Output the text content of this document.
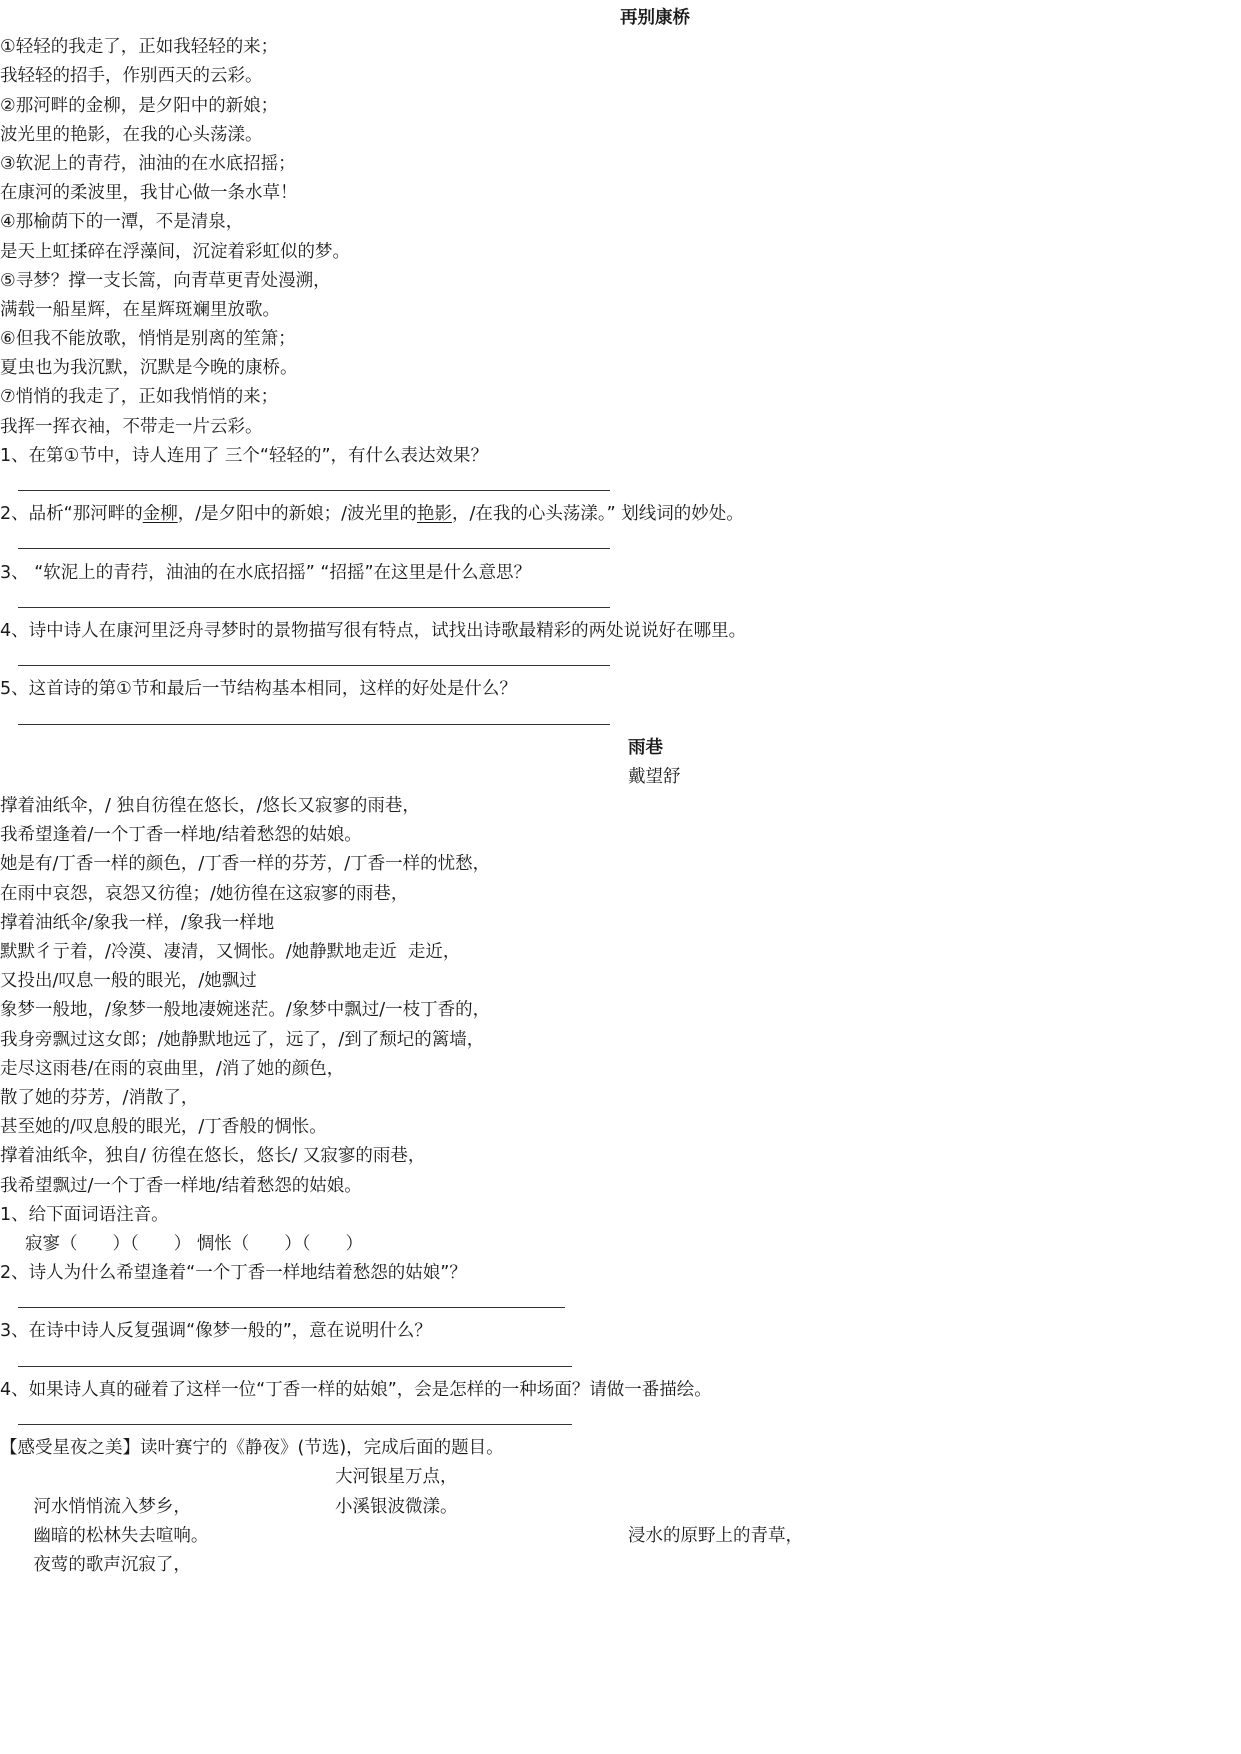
再别康桥
①轻轻的我走了，正如我轻轻的来；
我轻轻的招手，作别西天的云彩。
②那河畔的金柳，是夕阳中的新娘；
波光里的艳影，在我的心头荡漾。
③软泥上的青荇，油油的在水底招摇；
在康河的柔波里，我甘心做一条水草！
④那榆荫下的一潭，不是清泉，
是天上虹揉碎在浮藻间，沉淀着彩虹似的梦。
⑤寻梦？撑一支长篙，向青草更青处漫溯，
满载一船星辉，在星辉斑斓里放歌。
⑥但我不能放歌，悄悄是别离的笙箫；
夏虫也为我沉默，沉默是今晚的康桥。
⑦悄悄的我走了，正如我悄悄的来；
我挥一挥衣袖，不带走一片云彩。
1、在第①节中，诗人连用了 三个“轻轻的”，有什么表达效果？
2、品析“那河畔的金柳，/是夕阳中的新娘；/波光里的艳影，/在我的心头荡漾。” 划线词的妙处。
3、 “软泥上的青荇，油油的在水底招摇” “招摇”在这里是什么意思？
4、诗中诗人在康河里泛舟寻梦时的景物描写很有特点，试找出诗歌最精彩的两处说说好在哪里。
5、这首诗的第①节和最后一节结构基本相同，这样的好处是什么？
雨巷
戴望舒
撑着油纸伞，/ 独自彷徨在悠长，/悠长又寂寥的雨巷，
我希望逢着/一个丁香一样地/结着愁怨的姑娘。
她是有/丁香一样的颜色，/丁香一样的芬芳，/丁香一样的忧愁，
在雨中哀怨，哀怨又彷徨；/她彷徨在这寂寥的雨巷，
撑着油纸伞/象我一样，/象我一样地
默默彳亍着，/冷漠、凄清，又惆怅。/她静默地走近  走近，
又投出/叹息一般的眼光，/她飘过
象梦一般地，/象梦一般地凄婉迷茫。/象梦中飘过/一枝丁香的，
我身旁飘过这女郎；/她静默地远了，远了，/到了颓圮的篱墙，
走尽这雨巷/在雨的哀曲里，/消了她的颜色，
散了她的芬芳，/消散了，
甚至她的/叹息般的眼光，/丁香般的惆怅。
撑着油纸伞，独自/ 彷徨在悠长，悠长/ 又寂寥的雨巷，
我希望飘过/一个丁香一样地/结着愁怨的姑娘。
1、给下面词语注音。
寂寥（　　）（　　） 惆怅（　　）（　　）
2、诗人为什么希望逢着“一个丁香一样地结着愁怨的姑娘”？
3、在诗中诗人反复强调“像梦一般的”，意在说明什么？
4、如果诗人真的碰着了这样一位“丁香一样的姑娘”，会是怎样的一种场面？请做一番描绘。
【感受星夜之美】读叶赛宁的《静夜》(节选)，完成后面的题目。

河水悄悄流入梦乡，

大河银星万点，

幽暗的松林失去喧响。

小溪银波微漾。

夜莺的歌声沉寂了，

浸水的原野上的青草，
